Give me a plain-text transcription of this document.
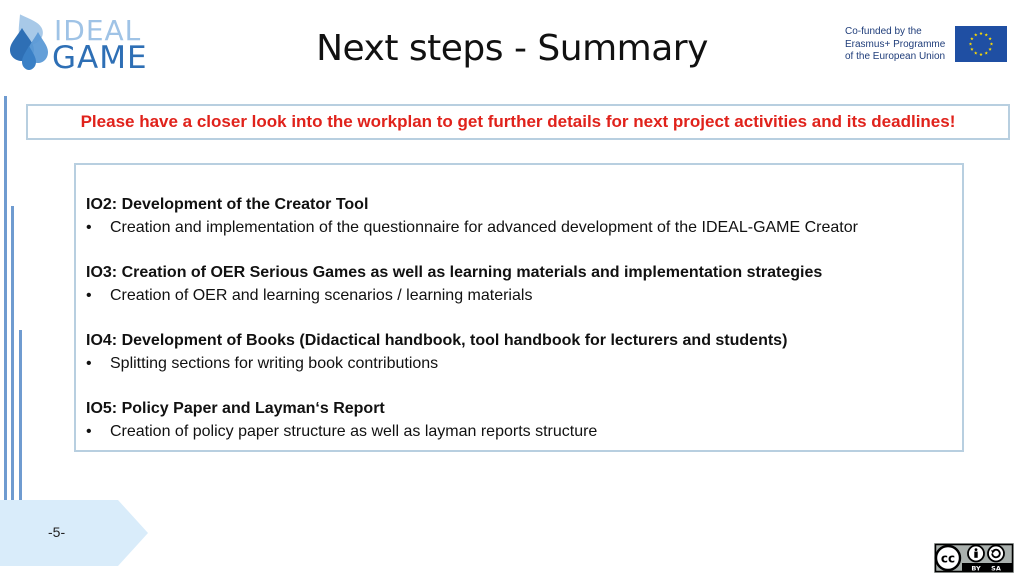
IDEAL
GAME	Next steps - Summary	Co-funded by the
Erasmus+ Programme
of the European Union
Please have a closer look into the workplan to get further details for next project activities and its deadlines!
IO2: Development of the Creator Tool
•	Creation and implementation of the questionnaire for advanced development of the IDEAL-GAME Creator
IO3: Creation of OER Serious Games as well as learning materials and implementation strategies
•	Creation of OER and learning scenarios / learning materials
IO4: Development of Books (Didactical handbook, tool handbook for lecturers and students)
•	Splitting sections for writing book contributions
IO5: Policy Paper and Layman‘s Report
•	Creation of policy paper structure as well as layman reports structure
-5-
cc
BY SA
